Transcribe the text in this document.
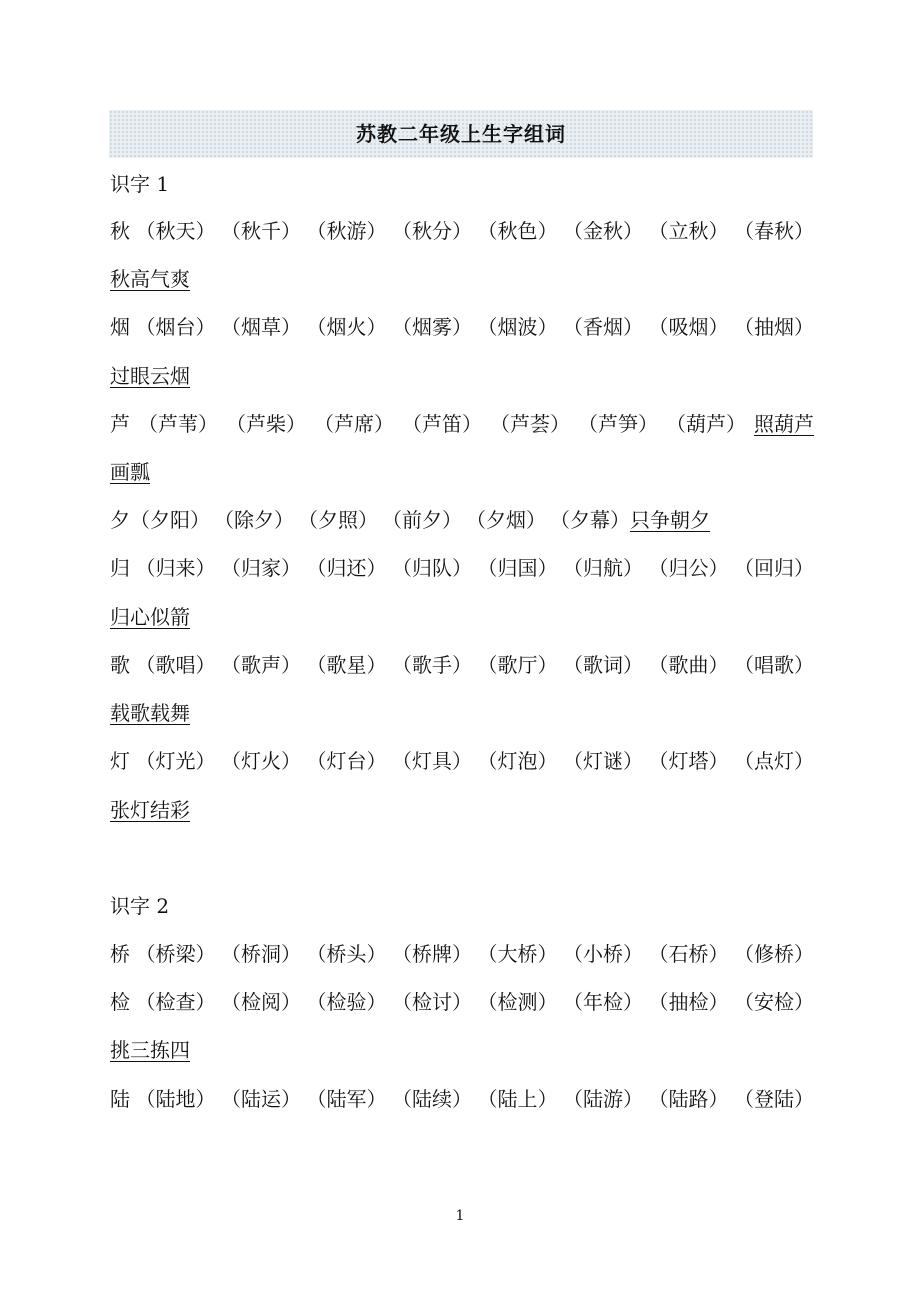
苏教二年级上生字组词
识字 1
秋 （秋天） （秋千） （秋游） （秋分） （秋色） （金秋） （立秋） （春秋）
秋高气爽
烟 （烟台） （烟草） （烟火） （烟雾） （烟波） （香烟） （吸烟） （抽烟）
过眼云烟
芦 （芦苇） （芦柴） （芦席） （芦笛） （芦荟） （芦笋） （葫芦） 照葫芦
画瓢
夕（夕阳） （除夕） （夕照） （前夕） （夕烟） （夕幕）只争朝夕
归 （归来） （归家） （归还） （归队） （归国） （归航） （归公） （回归）
归心似箭
歌 （歌唱） （歌声） （歌星） （歌手） （歌厅） （歌词） （歌曲） （唱歌）
载歌载舞
灯 （灯光） （灯火） （灯台） （灯具） （灯泡） （灯谜） （灯塔） （点灯）
张灯结彩
识字 2
桥 （桥梁） （桥洞） （桥头） （桥牌） （大桥） （小桥） （石桥） （修桥）
检 （检查） （检阅） （检验） （检讨） （检测） （年检） （抽检） （安检）
挑三拣四
陆 （陆地） （陆运） （陆军） （陆续） （陆上） （陆游） （陆路） （登陆）
1
